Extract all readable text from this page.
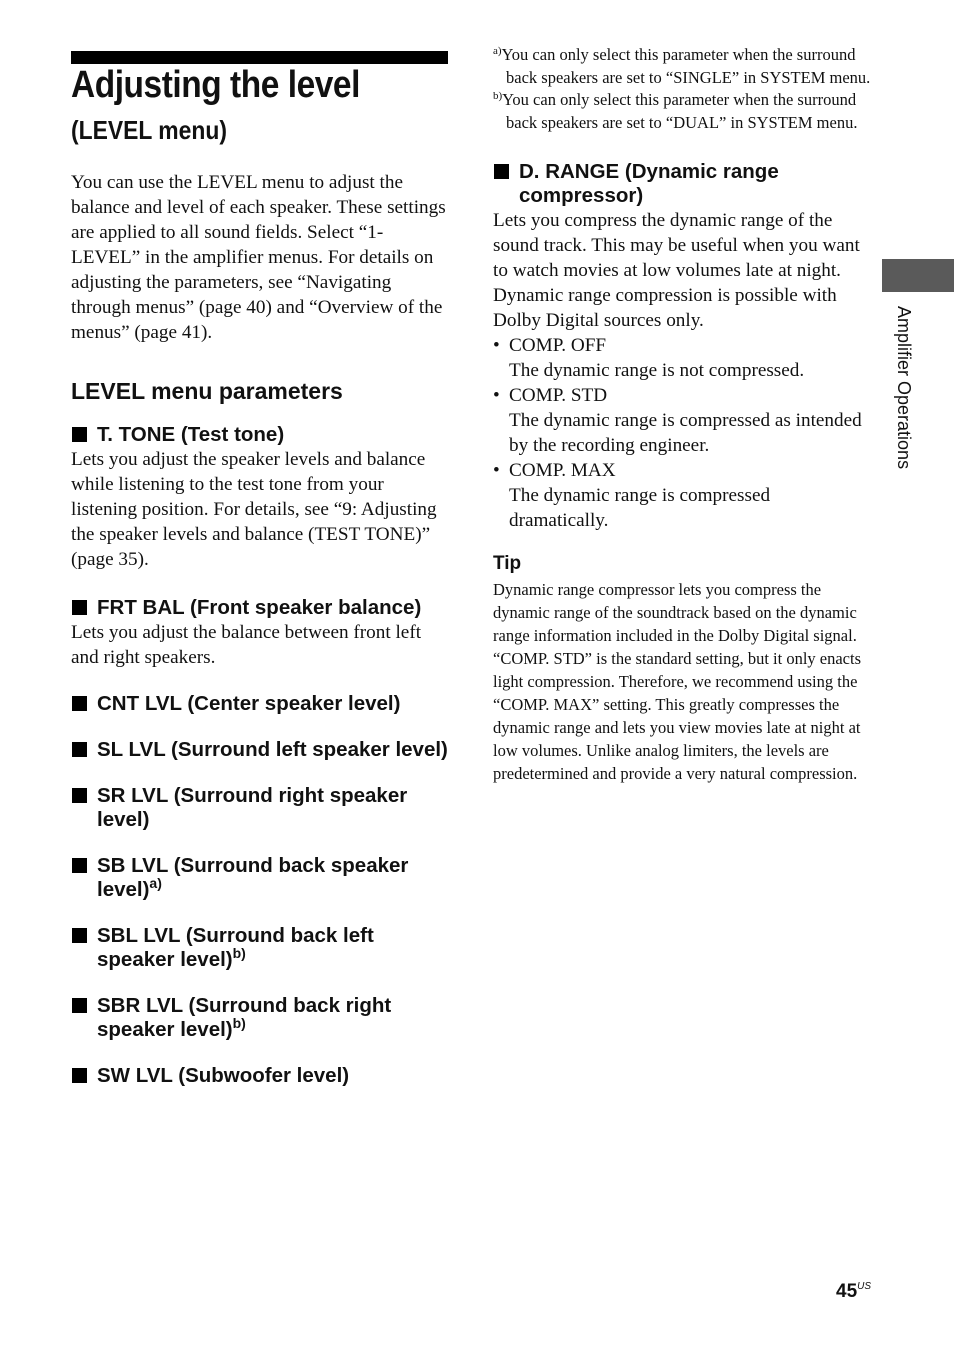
Adjusting the level
(LEVEL menu)

You can use the LEVEL menu to adjust the balance and level of each speaker. These settings are applied to all sound fields. Select “1-LEVEL” in the amplifier menus. For details on adjusting the parameters, see “Navigating through menus” (page 40) and “Overview of the menus” (page 41).

LEVEL menu parameters
T. TONE (Test tone)

Lets you adjust the speaker levels and balance while listening to the test tone from your listening position. For details, see “9: Adjusting the speaker levels and balance (TEST TONE)” (page 35).

FRT BAL (Front speaker balance)

Lets you adjust the balance between front left and right speakers.

CNT LVL (Center speaker level)
SL LVL (Surround left speaker level)
SR LVL (Surround right speaker level)
SB LVL (Surround back speaker level)$^{a)}$
SBL LVL (Surround back left speaker level)$^{b)}$
SBR LVL (Surround back right speaker level)$^{b)}$
SW LVL (Subwoofer level)

$^{a)}$You can only select this parameter when the surround back speakers are set to “SINGLE” in SYSTEM menu.

$^{b)}$You can only select this parameter when the surround back speakers are set to “DUAL” in SYSTEM menu.

D. RANGE (Dynamic range compressor)

Lets you compress the dynamic range of the sound track. This may be useful when you want to watch movies at low volumes late at night. Dynamic range compression is possible with Dolby Digital sources only.

• COMP. OFF
The dynamic range is not compressed.
• COMP. STD
The dynamic range is compressed as intended by the recording engineer.
• COMP. MAX
The dynamic range is compressed dramatically.
Tip

Dynamic range compressor lets you compress the dynamic range of the soundtrack based on the dynamic range information included in the Dolby Digital signal.

“COMP. STD” is the standard setting, but it only enacts light compression. Therefore, we recommend using the “COMP. MAX” setting. This greatly compresses the dynamic range and lets you view movies late at night at low volumes. Unlike analog limiters, the levels are predetermined and provide a very natural compression.

Amplifier Operations
$45^{US}$
